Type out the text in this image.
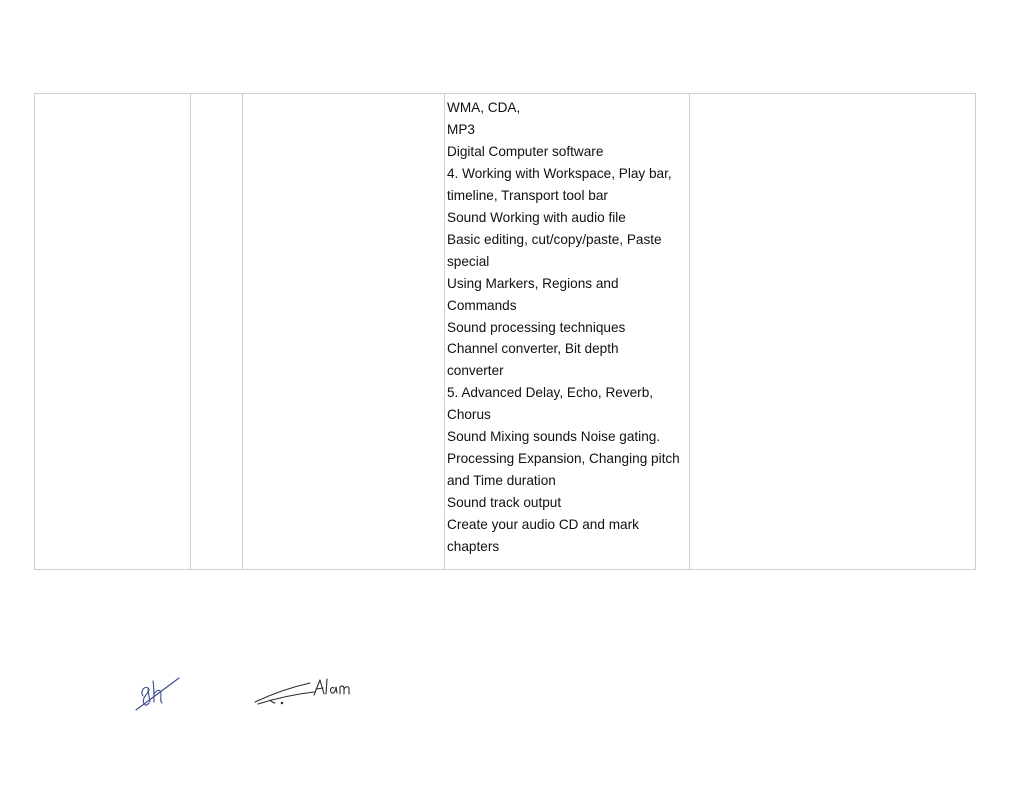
WMA, CDA,
MP3
Digital Computer software
4. Working with Workspace, Play bar,
timeline, Transport tool bar
Sound Working with audio file
Basic editing, cut/copy/paste, Paste
special
Using Markers, Regions and
Commands
Sound processing techniques
Channel converter, Bit depth
converter
5. Advanced Delay, Echo, Reverb,
Chorus
Sound Mixing sounds Noise gating.
Processing Expansion, Changing pitch
and Time duration
Sound track output
Create your audio CD and mark
chapters
